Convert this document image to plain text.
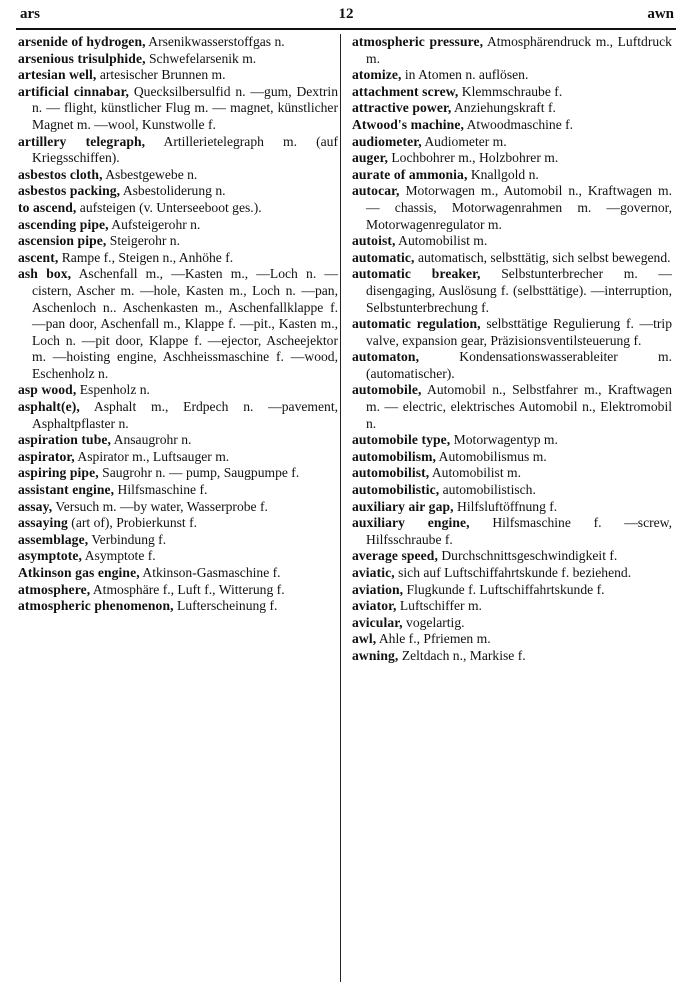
ars	12	awn

arsenide of hydrogen, Arsenikwasserstoffgas n.

arsenious trisulphide, Schwefelarsenik m.

artesian well, artesischer Brunnen m.

artificial cinnabar, Quecksilbersulfid n. —gum, Dextrin n. — flight, künstlicher Flug m. — magnet, künstlicher Magnet m. —wool, Kunstwolle f.

artillery telegraph, Artillerietelegraph m. (auf Kriegsschiffen).

asbestos cloth, Asbestgewebe n.

asbestos packing, Asbestoliderung n.

to ascend, aufsteigen (v. Unterseeboot ges.).

ascending pipe, Aufsteigerohr n.

ascension pipe, Steigerohr n.

ascent, Rampe f., Steigen n., Anhöhe f.

ash box, Aschenfall m., —Kasten m., —Loch n. —cistern, Ascher m. —hole, Kasten m., Loch n. —pan, Aschenloch n.. Aschenkasten m., Aschenfallklappe f. —pan door, Aschenfall m., Klappe f. —pit., Kasten m., Loch n. —pit door, Klappe f. —ejector, Ascheejektor m. —hoisting engine, Aschheissmaschine f. —wood, Eschenholz n.

asp wood, Espenholz n.

asphalt(e), Asphalt m., Erdpech n. —pavement, Asphaltpflaster n.

aspiration tube, Ansaugrohr n.

aspirator, Aspirator m., Luftsauger m.

aspiring pipe, Saugrohr n. — pump, Saugpumpe f.

assistant engine, Hilfsmaschine f.

assay, Versuch m. —by water, Wasserprobe f.

assaying (art of), Probierkunst f.

assemblage, Verbindung f.

asymptote, Asymptote f.

Atkinson gas engine, Atkinson-Gasmaschine f.

atmosphere, Atmosphäre f., Luft f., Witterung f.

atmospheric phenomenon, Lufterscheinung f.

atmospheric pressure, Atmosphärendruck m., Luftdruck m.

atomize, in Atomen n. auflösen.

attachment screw, Klemmschraube f.

attractive power, Anziehungskraft f.

Atwood's machine, Atwoodmaschine f.

audiometer, Audiometer m.

auger, Lochbohrer m., Holzbohrer m.

aurate of ammonia, Knallgold n.

autocar, Motorwagen m., Automobil n., Kraftwagen m. — chassis, Motorwagenrahmen m. —governor, Motorwagenregulator m.

autoist, Automobilist m.

automatic, automatisch, selbsttätig, sich selbst bewegend.

automatic breaker, Selbstunterbrecher m. —disengaging, Auslösung f. (selbsttätige). —interruption, Selbstunterbrechung f.

automatic regulation, selbsttätige Regulierung f. —trip valve, expansion gear, Präzisionsventilsteuerung f.

automaton, Kondensationswasserableiter m. (automatischer).

automobile, Automobil n., Selbstfahrer m., Kraftwagen m. — electric, elektrisches Automobil n., Elektromobil n.

automobile type, Motorwagentyp m.

automobilism, Automobilismus m.

automobilist, Automobilist m.

automobilistic, automobilistisch.

auxiliary air gap, Hilfsluftöffnung f.

auxiliary engine, Hilfsmaschine f. —screw, Hilfsschraube f.

average speed, Durchschnittsgeschwindigkeit f.

aviatic, sich auf Luftschiffahrtskunde f. beziehend.

aviation, Flugkunde f. Luftschiffahrtskunde f.

aviator, Luftschiffer m.

avicular, vogelartig.

awl, Ahle f., Pfriemen m.

awning, Zeltdach n., Markise f.
